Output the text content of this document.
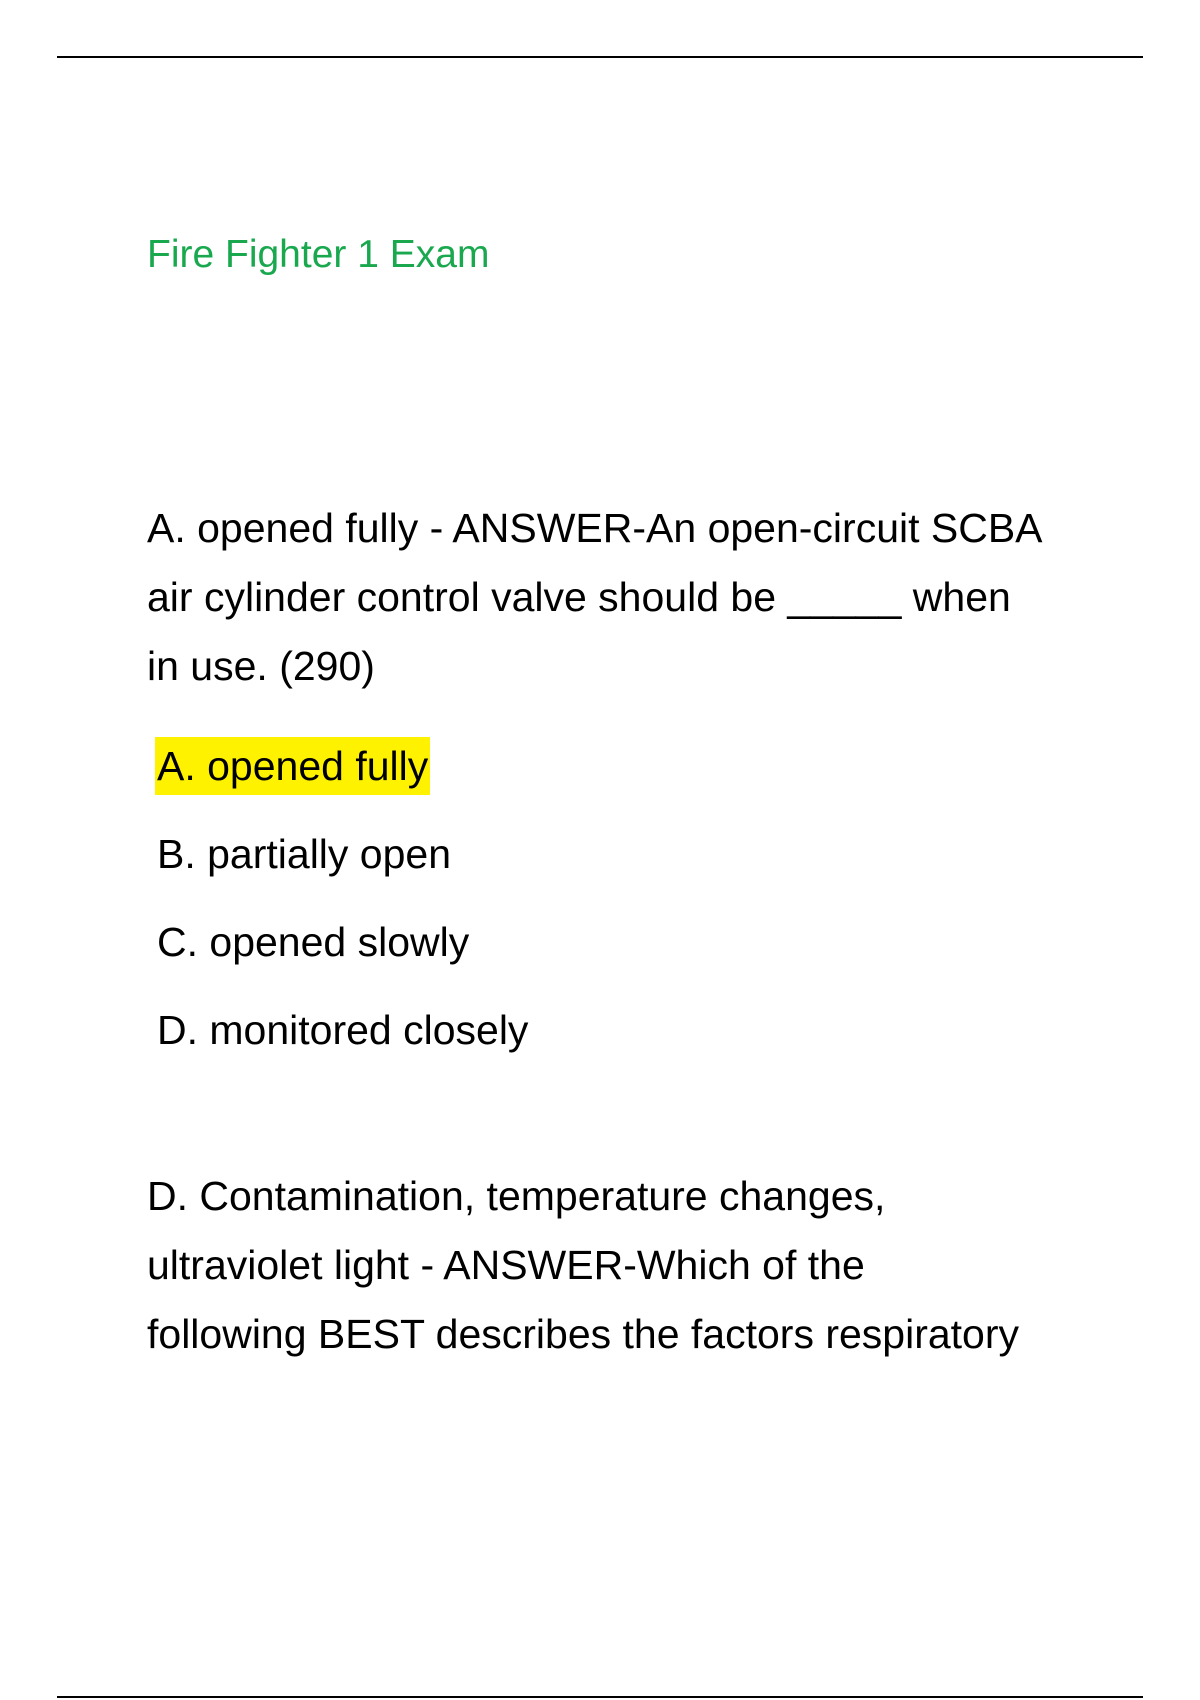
Fire Fighter 1 Exam
A. opened fully - ANSWER-An open-circuit SCBA
air cylinder control valve should be _____ when
in use. (290)
A. opened fully
B. partially open
C. opened slowly
D. monitored closely
D. Contamination, temperature changes,
ultraviolet light - ANSWER-Which of the
following BEST describes the factors respiratory
